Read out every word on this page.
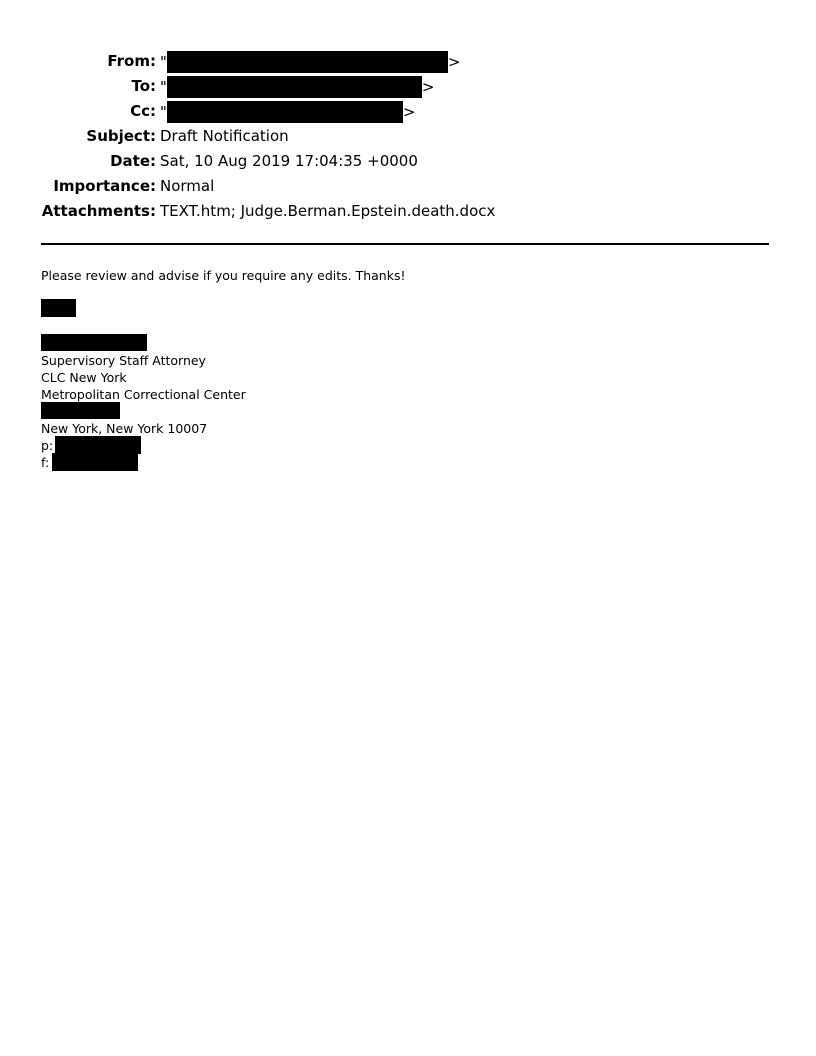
From: "	>
To: "	>
Cc: "	>
Subject: Draft Notification
Date: Sat, 10 Aug 2019 17:04:35 +0000
Importance: Normal
Attachments: TEXT.htm; Judge.Berman.Epstein.death.docx
Please review and advise if you require any edits. Thanks!
Supervisory Staff Attorney
CLC New York
Metropolitan Correctional Center
New York, New York 10007
p:
f:
